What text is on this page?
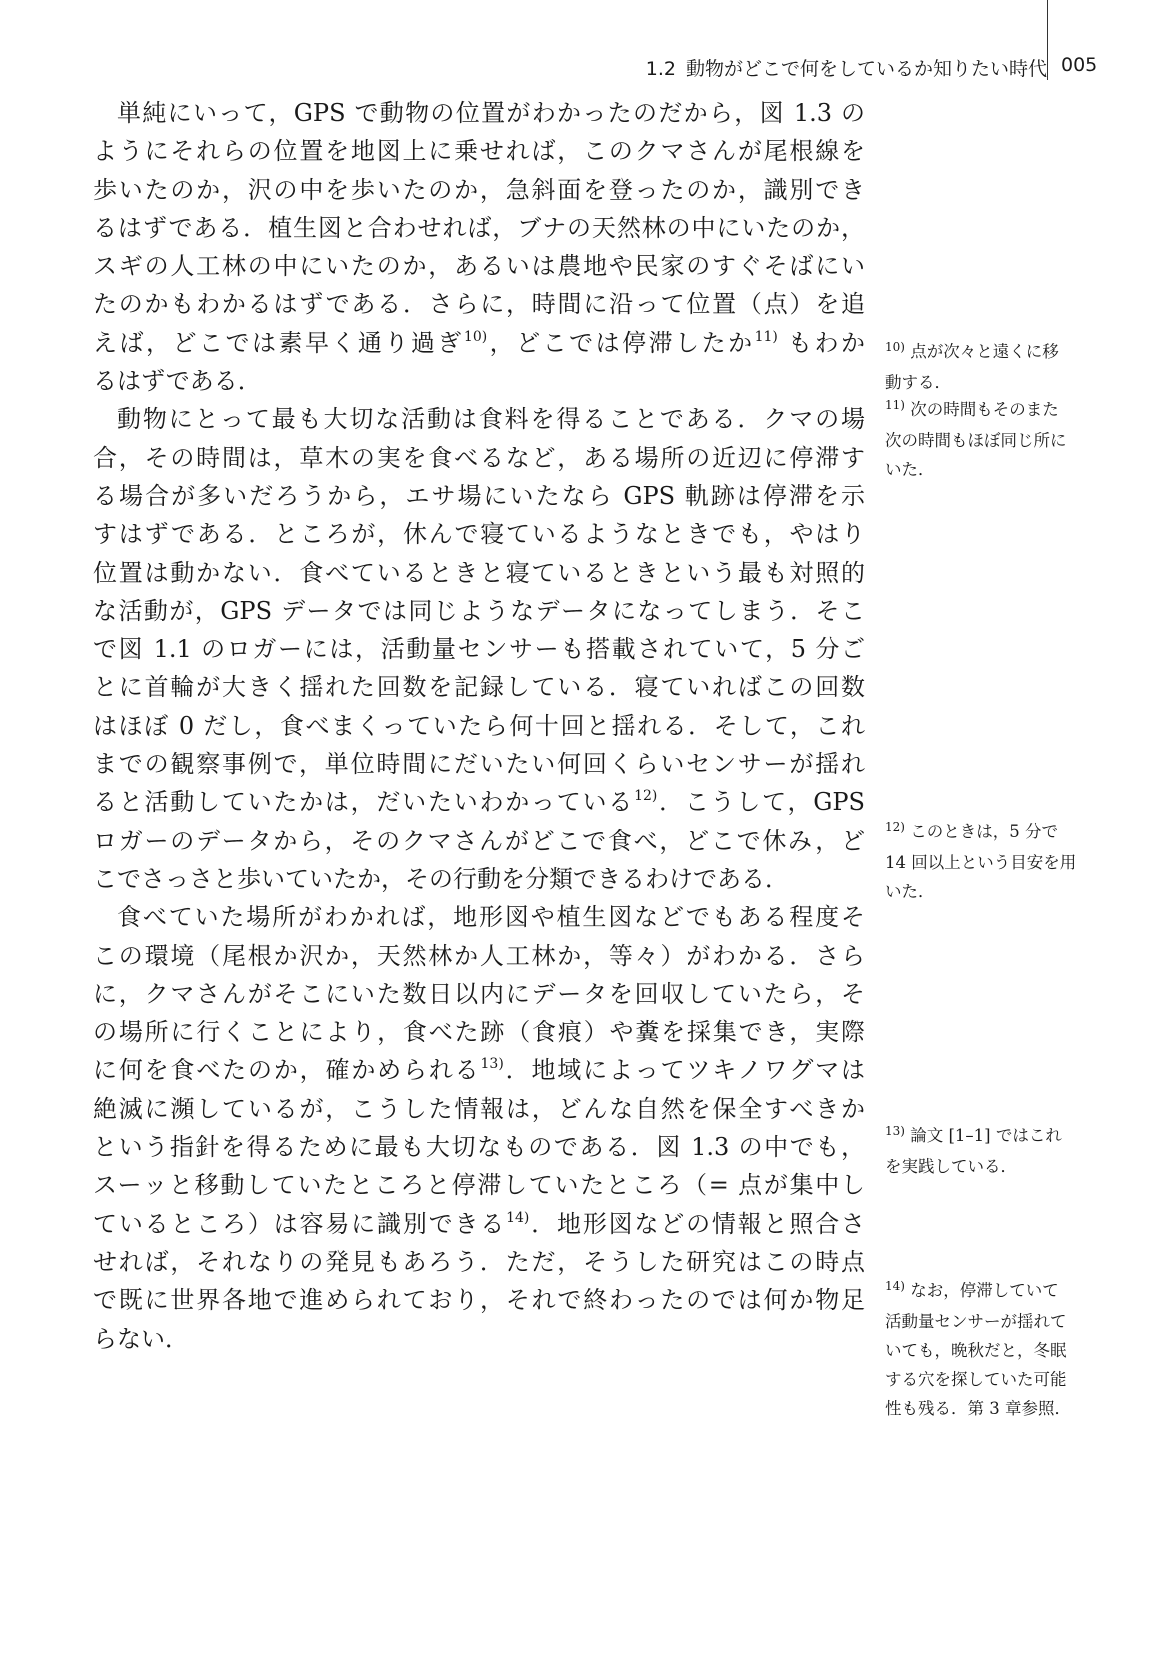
1.2 動物がどこで何をしているか知りたい時代 005
単純にいって，GPS で動物の位置がわかったのだから，図 1.3 の
ようにそれらの位置を地図上に乗せれば，このクマさんが尾根線を
歩いたのか，沢の中を歩いたのか，急斜面を登ったのか，識別でき
るはずである．植生図と合わせれば，ブナの天然林の中にいたのか，
スギの人工林の中にいたのか，あるいは農地や民家のすぐそばにい
たのかもわかるはずである．さらに，時間に沿って位置（点）を追
えば，どこでは素早く通り過ぎ$^{10)}$，どこでは停滞したか$^{11)}$ もわか
るはずである．
動物にとって最も大切な活動は食料を得ることである．クマの場
合，その時間は，草木の実を食べるなど，ある場所の近辺に停滞す
る場合が多いだろうから，エサ場にいたなら GPS 軌跡は停滞を示
すはずである．ところが，休んで寝ているようなときでも，やはり
位置は動かない．食べているときと寝ているときという最も対照的
な活動が，GPS データでは同じようなデータになってしまう．そこ
で図 1.1 のロガーには，活動量センサーも搭載されていて，5 分ご
とに首輪が大きく揺れた回数を記録している．寝ていればこの回数
はほぼ 0 だし，食べまくっていたら何十回と揺れる．そして，これ
までの観察事例で，単位時間にだいたい何回くらいセンサーが揺れ
ると活動していたかは，だいたいわかっている$^{12)}$．こうして，GPS
ロガーのデータから，そのクマさんがどこで食べ，どこで休み，ど
こでさっさと歩いていたか，その行動を分類できるわけである．
食べていた場所がわかれば，地形図や植生図などでもある程度そ
この環境（尾根か沢か，天然林か人工林か，等々）がわかる．さら
に，クマさんがそこにいた数日以内にデータを回収していたら，そ
の場所に行くことにより，食べた跡（食痕）や糞を採集でき，実際
に何を食べたのか，確かめられる$^{13)}$．地域によってツキノワグマは
絶滅に瀕しているが，こうした情報は，どんな自然を保全すべきか
という指針を得るために最も大切なものである．図 1.3 の中でも，
スーッと移動していたところと停滞していたところ（= 点が集中し
ているところ）は容易に識別できる$^{14)}$．地形図などの情報と照合さ
せれば，それなりの発見もあろう．ただ，そうした研究はこの時点
で既に世界各地で進められており，それで終わったのでは何か物足
らない．
$^{10)}$ 点が次々と遠くに移
動する．
$^{11)}$ 次の時間もそのまた
次の時間もほぼ同じ所に
いた．
$^{12)}$ このときは，5 分で
14 回以上という目安を用
いた．
$^{13)}$ 論文 [1–1] ではこれ
を実践している．
$^{14)}$ なお，停滞していて
活動量センサーが揺れて
いても，晩秋だと，冬眠
する穴を探していた可能
性も残る．第 3 章参照．
